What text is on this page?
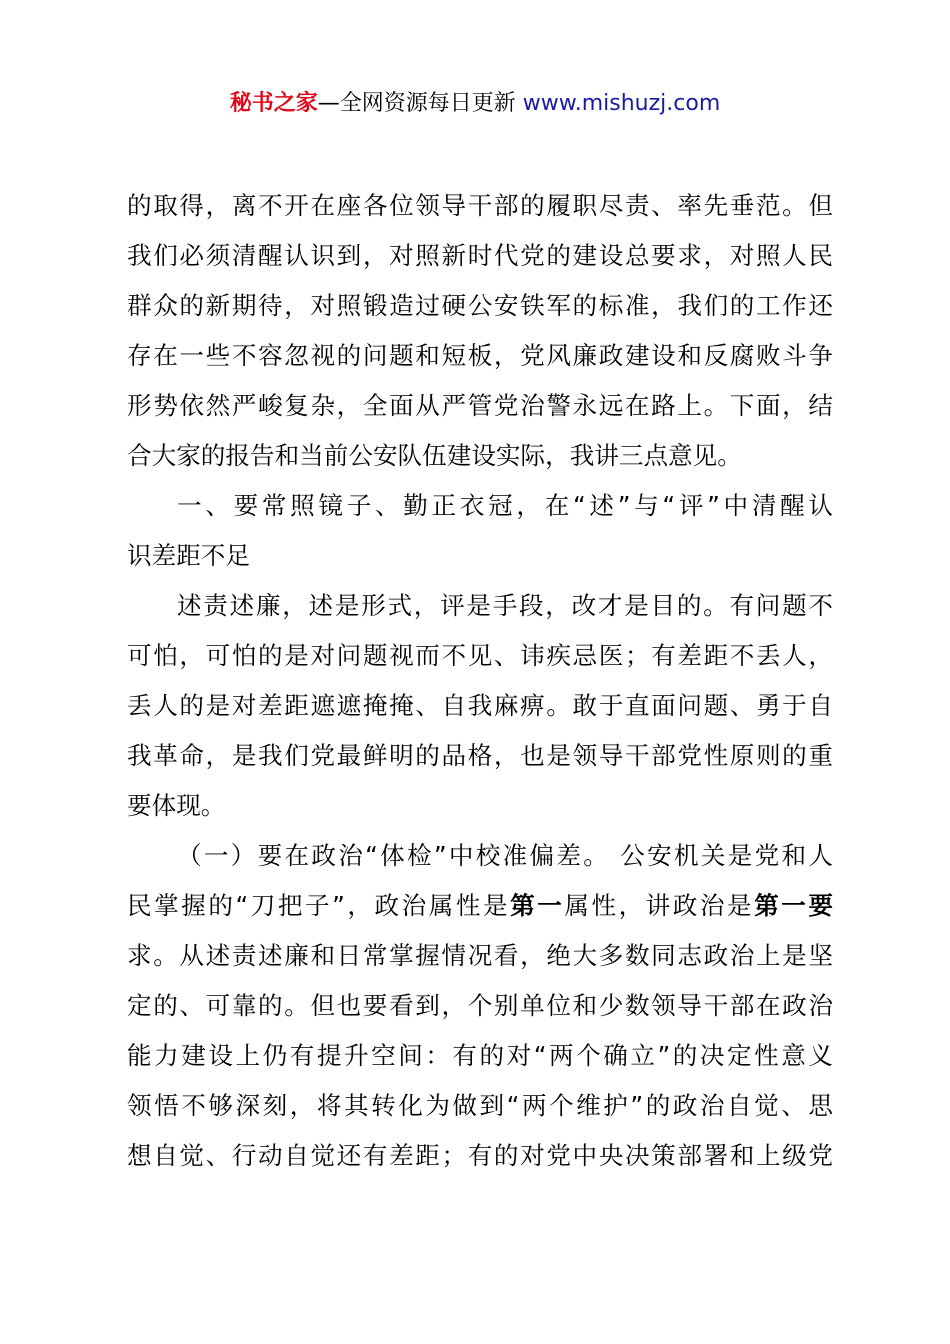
秘书之家—全网资源每日更新 www.mishuzj.com
的取得，离不开在座各位领导干部的履职尽责、率先垂范。但
我们必须清醒认识到，对照新时代党的建设总要求，对照人民
群众的新期待，对照锻造过硬公安铁军的标准，我们的工作还
存在一些不容忽视的问题和短板，党风廉政建设和反腐败斗争
形势依然严峻复杂，全面从严管党治警永远在路上。下面，结
合大家的报告和当前公安队伍建设实际，我讲三点意见。
一、要常照镜子、勤正衣冠，在“述”与“评”中清醒认
识差距不足
述责述廉，述是形式，评是手段，改才是目的。有问题不
可怕，可怕的是对问题视而不见、讳疾忌医；有差距不丢人，
丢人的是对差距遮遮掩掩、自我麻痹。敢于直面问题、勇于自
我革命，是我们党最鲜明的品格，也是领导干部党性原则的重
要体现。
（一）要在政治“体检”中校准偏差。 公安机关是党和人
民掌握的“刀把子”，政治属性是第一属性，讲政治是第一要
求。从述责述廉和日常掌握情况看，绝大多数同志政治上是坚
定的、可靠的。但也要看到，个别单位和少数领导干部在政治
能力建设上仍有提升空间：有的对“两个确立”的决定性意义
领悟不够深刻，将其转化为做到“两个维护”的政治自觉、思
想自觉、行动自觉还有差距；有的对党中央决策部署和上级党
